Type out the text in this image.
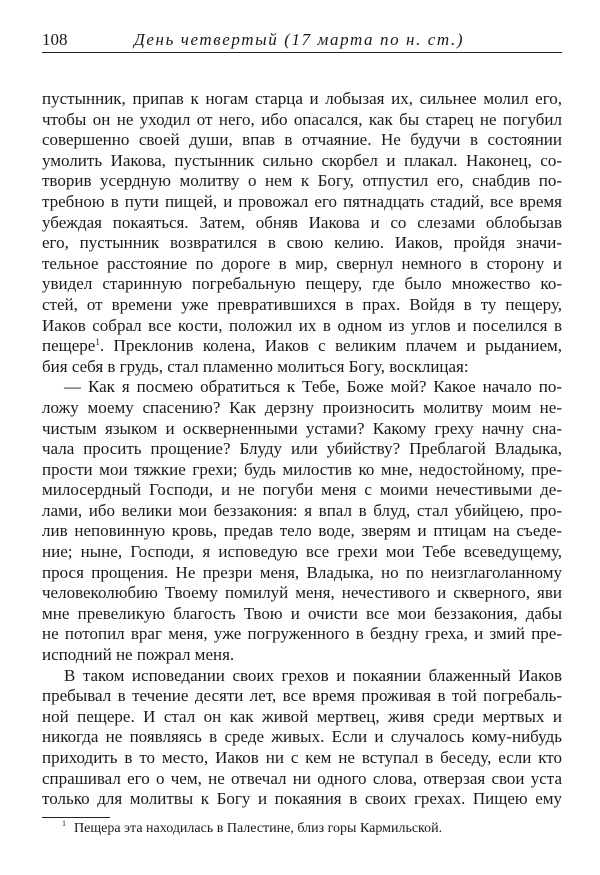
108	День четвертый (17 марта по н. ст.)
пустынник, припав к ногам старца и лобызая их, сильнее молил его,
чтобы он не уходил от него, ибо опасался, как бы старец не погубил
совершенно своей души, впав в отчаяние. Не будучи в состоянии
умолить Иакова, пустынник сильно скорбел и плакал. Наконец, со-
творив усердную молитву о нем к Богу, отпустил его, снабдив по-
требною в пути пищей, и провожал его пятнадцать стадий, все время
убеждая покаяться. Затем, обняв Иакова и со слезами облобызав
его, пустынник возвратился в свою келию. Иаков, пройдя значи-
тельное расстояние по дороге в мир, свернул немного в сторону и
увидел старинную погребальную пещеру, где было множество ко-
стей, от времени уже превратившихся в прах. Войдя в ту пещеру,
Иаков собрал все кости, положил их в одном из углов и поселился в
пещере$^1$. Преклонив колена, Иаков с великим плачем и рыданием,
бия себя в грудь, стал пламенно молиться Богу, восклицая:
— Как я посмею обратиться к Тебе, Боже мой? Какое начало по-
ложу моему спасению? Как дерзну произносить молитву моим не-
чистым языком и оскверненными устами? Какому греху начну сна-
чала просить прощение? Блуду или убийству? Преблагой Владыка,
прости мои тяжкие грехи; будь милостив ко мне, недостойному, пре-
милосердный Господи, и не погуби меня с моими нечестивыми де-
лами, ибо велики мои беззакония: я впал в блуд, стал убийцею, про-
лив неповинную кровь, предав тело воде, зверям и птицам на съеде-
ние; ныне, Господи, я исповедую все грехи мои Тебе всеведущему,
прося прощения. Не презри меня, Владыка, но по неизглаголанному
человеколюбию Твоему помилуй меня, нечестивого и скверного, яви
мне превеликую благость Твою и очисти все мои беззакония, дабы
не потопил враг меня, уже погруженного в бездну греха, и змий пре-
исподний не пожрал меня.
В таком исповедании своих грехов и покаянии блаженный Иаков
пребывал в течение десяти лет, все время проживая в той погребаль-
ной пещере. И стал он как живой мертвец, живя среди мертвых и
никогда не появляясь в среде живых. Если и случалось кому-нибудь
приходить в то место, Иаков ни с кем не вступал в беседу, если кто
спрашивал его о чем, не отвечал ни одного слова, отверзая свои уста
только для молитвы к Богу и покаяния в своих грехах. Пищею ему
$^1$ Пещера эта находилась в Палестине, близ горы Кармильской.
